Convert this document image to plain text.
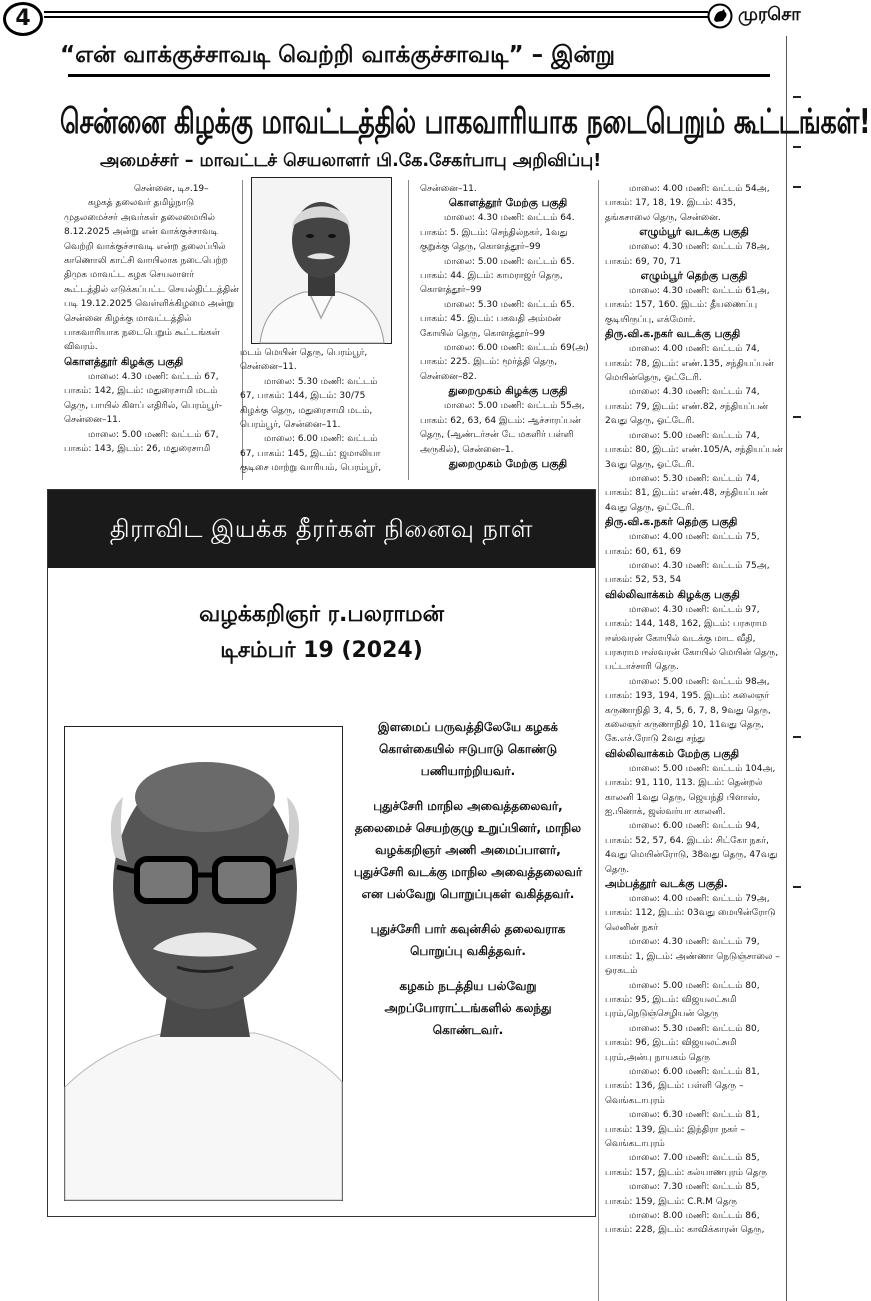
4	முரசொ
“என் வாக்குச்சாவடி வெற்றி வாக்குச்சாவடி” – இன்று
சென்னை கிழக்கு மாவட்டத்தில் பாகவாரியாக நடைபெறும் கூட்டங்கள்!
அமைச்சர் – மாவட்டச் செயலாளர் பி.கே.சேகர்பாபு அறிவிப்பு!

சென்னை, டிச.19–

கழகத் தலைவர் தமிழ்நாடு முதலமைச்சர் அவர்கள் தலைமையில் 8.12.2025 அன்று என் வாக்குச்சாவடி வெற்றி வாக்குச்சாவடி என்ற தலைப்பில் காணொலி காட்சி வாயிலாக நடைபெற்ற திமுக மாவட்ட கழக செயலாளர் கூட்டத்தில் எடுக்கப்பட்ட செயல்திட்டத்தின் படி 19.12.2025 வெள்ளிக்கிழமை அன்று சென்னை கிழக்கு மாவட்டத்தில் பாகவாரியாக நடைபெறும் கூட்டங்கள் விவரம்.

கொளத்தூர் கிழக்கு பகுதி

மாலை: 4.30 மணி: வட்டம் 67, பாகம்: 142, இடம்: மதுரைசாமி மடம் தெரு, பாயில் கிளப் எதிரில், பெரம்பூர்- சென்னை–11.

மாலை: 5.00 மணி: வட்டம் 67, பாகம்: 143, இடம்: 26, மதுரைசாமி

மடம் மெயின் தெரு, பெரம்பூர், சென்னை–11.

மாலை: 5.30 மணி: வட்டம் 67, பாகம்: 144, இடம்: 30/75 கிழக்கு தெரு, மதுரைசாமி மடம், பெரம்பூர், சென்னை–11.

மாலை: 6.00 மணி: வட்டம் 67, பாகம்: 145, இடம்: ஜமாலியா குடிசை மாற்று வாரியம், பெரம்பூர்,

சென்னை–11.

கொளத்தூர் மேற்கு பகுதி

மாலை: 4.30 மணி: வட்டம் 64. பாகம்: 5. இடம்: செந்தில்நகர், 1வது குறுக்கு தெரு, கொளத்தூர்–99

மாலை: 5.00 மணி: வட்டம் 65. பாகம்: 44. இடம்: காமராஜர் தெரு, கொளத்தூர்–99

மாலை: 5.30 மணி: வட்டம் 65. பாகம்: 45. இடம்: பகவதி அம்மன் கோயில் தெரு, கொளத்தூர்–99

மாலை: 6.00 மணி: வட்டம் 69(அ) பாகம்: 225. இடம்: மூர்த்தி தெரு, சென்னை–82.

துறைமுகம் கிழக்கு பகுதி

மாலை: 5.00 மணி: வட்டம் 55அ, பாகம்: 62, 63, 64 இடம்: ஆச்சாரப்பன் தெரு, (ஆண்டர்சன் டே மகளிர் பள்ளி அருகில்), சென்னை–1.

துறைமுகம் மேற்கு பகுதி

மாலை: 4.00 மணி: வட்டம் 54அ, பாகம்: 17, 18, 19. இடம்: 435, தங்கசாலை தெரு, சென்னை.

எழும்பூர் வடக்கு பகுதி

மாலை: 4.30 மணி: வட்டம் 78அ, பாகம்: 69, 70, 71

எழும்பூர் தெற்கு பகுதி

மாலை: 4.30 மணி: வட்டம் 61அ, பாகம்: 157, 160. இடம்: தீயணைப்பு குடியிருப்பு, எக்மோர்.

திரு.வி.க.நகர் வடக்கு பகுதி

மாலை: 4.00 மணி: வட்டம் 74, பாகம்: 78, இடம்: எண்.135, சந்தியப்பன் மெயின்தெரு, ஓட்டேரி.

மாலை: 4.30 மணி: வட்டம் 74, பாகம்: 79, இடம்: எண்.82, சந்தியப்பன் 2வது தெரு, ஓட்டேரி.

மாலை: 5.00 மணி: வட்டம் 74, பாகம்: 80, இடம்: எண்.105/A, சந்தியப்பன் 3வது தெரு, ஓட்டேரி.

மாலை: 5.30 மணி: வட்டம் 74, பாகம்: 81, இடம்: எண்.48, சந்தியப்பன் 4வது தெரு, ஓட்டேரி.

திரு.வி.க.நகர் தெற்கு பகுதி

மாலை: 4.00 மணி: வட்டம் 75, பாகம்: 60, 61, 69

மாலை: 4.30 மணி: வட்டம் 75அ, பாகம்: 52, 53, 54

வில்லிவாக்கம் கிழக்கு பகுதி

மாலை: 4.30 மணி: வட்டம் 97, பாகம்: 144, 148, 162, இடம்: பரசுராம ஈஸ்வரன் கோயில் வடக்கு மாட வீதி, பரசுராம ஈஸ்வரன் கோயில் மெயின் தெரு, பட்டாச்சாரி தெரு.

மாலை: 5.00 மணி: வட்டம் 98அ, பாகம்: 193, 194, 195. இடம்: கலைஞர் கருணாநிதி 3, 4, 5, 6, 7, 8, 9வது தெரு, கலைஞர் கருணாநிதி 10, 11வது தெரு, கே.எச்.ரோடு 2வது சந்து

வில்லிவாக்கம் மேற்கு பகுதி

மாலை: 5.00 மணி: வட்டம் 104அ, பாகம்: 91, 110, 113. இடம்: தென்றல் காலனி 1வது தெரு, ஜெயந்தி பிளாஸ், ஐ.பினாக், ஜஸ்வர்யா காலனி.

மாலை: 6.00 மணி: வட்டம் 94, பாகம்: 52, 57, 64. இடம்: சிட்கோ நகர், 4வது மெயின்ரோடு, 38வது தெரு, 47வது தெரு.

அம்பத்தூர் வடக்கு பகுதி.

மாலை: 4.00 மணி: வட்டம் 79அ, பாகம்: 112, இடம்: 03வது மையின்ரோடு லெனின் நகர்

மாலை: 4.30 மணி: வட்டம் 79, பாகம்: 1, இடம்: அண்ணா நெடுஞ்சாலை – ஒரகடம்

மாலை: 5.00 மணி: வட்டம் 80, பாகம்: 95, இடம்: விஜயலட்சுமி புரம்,நெடுஞ்செழியன் தெரு

மாலை: 5.30 மணி: வட்டம் 80, பாகம்: 96, இடம்: விஜயலட்சுமி புரம்,அன்பு நாயகம் தெரு

மாலை: 6.00 மணி: வட்டம் 81, பாகம்: 136, இடம்: பள்ளி தெரு – வெங்கடாபுரம்

மாலை: 6.30 மணி: வட்டம் 81, பாகம்: 139, இடம்: இந்திரா நகர் – வெங்கடாபுரம்

மாலை: 7.00 மணி: வட்டம் 85, பாகம்: 157, இடம்: கல்யாணபுரம் தெரு

மாலை: 7.30 மணி: வட்டம் 85, பாகம்: 159, இடம்: C.R.M தெரு

மாலை: 8.00 மணி: வட்டம் 86, பாகம்: 228, இடம்: காவிக்காரன் தெரு,

திராவிட இயக்க தீரர்கள் நினைவு நாள்
வழக்கறிஞர் ர.பலராமன்
டிசம்பர் 19 (2024)

இளமைப் பருவத்திலேயே கழகக் கொள்கையில் ஈடுபாடு கொண்டு பணியாற்றியவர்.

புதுச்சேரி மாநில அவைத்தலைவர், தலைமைச் செயற்குழு உறுப்பினர், மாநில வழக்கறிஞர் அணி அமைப்பாளர், புதுச்சேரி வடக்கு மாநில அவைத்தலைவர் என பல்வேறு பொறுப்புகள் வகித்தவர்.

புதுச்சேரி பார் கவுன்சில் தலைவராக பொறுப்பு வகித்தவர்.

கழகம் நடத்திய பல்வேறு அறப்போராட்டங்களில் கலந்து கொண்டவர்.
